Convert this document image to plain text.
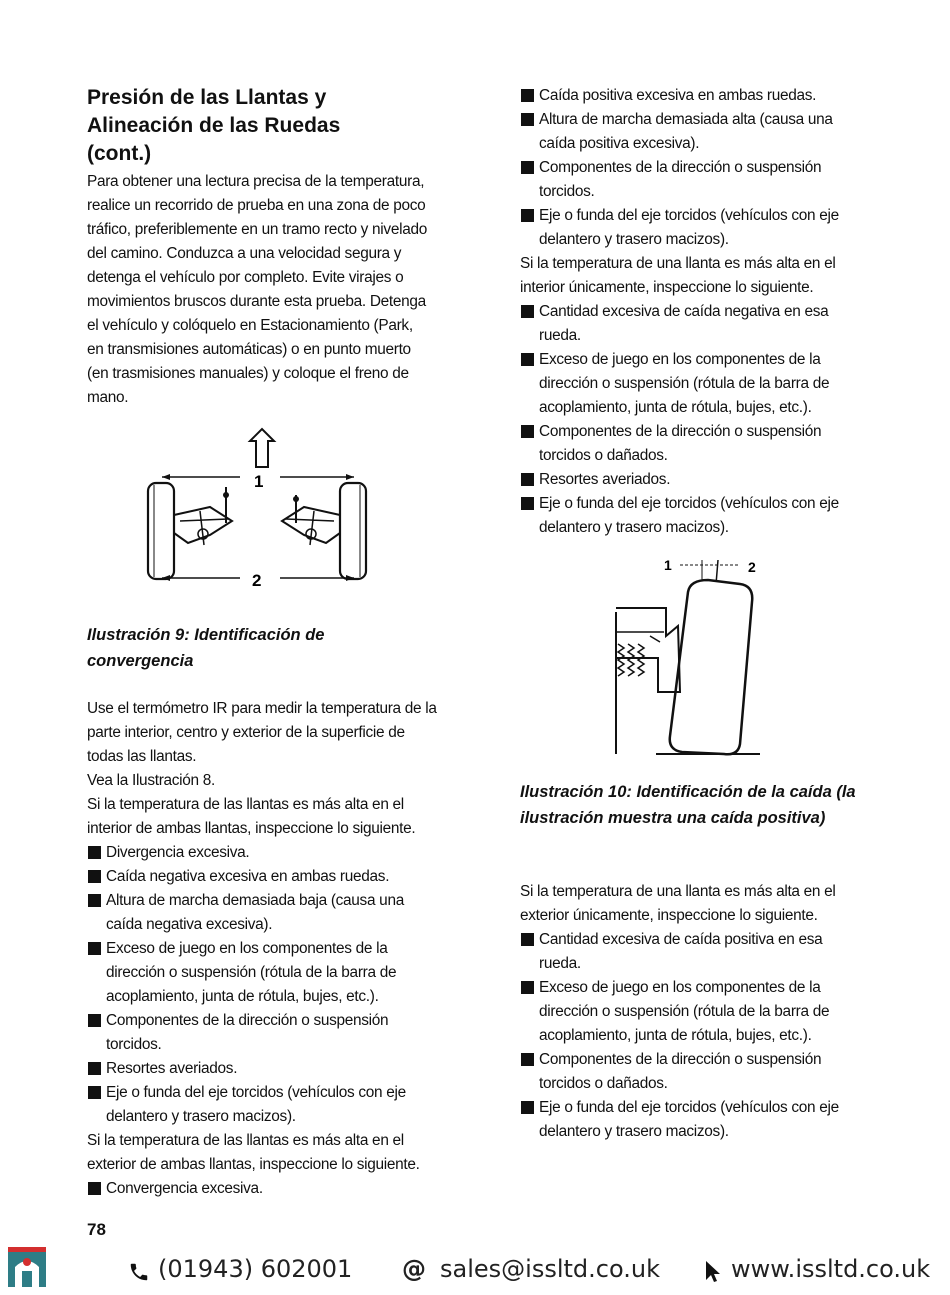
Presión de las Llantas y Alineación de las Ruedas (cont.)
Para obtener una lectura precisa de la temperatura, realice un recorrido de prueba en una zona de poco tráfico, preferiblemente en un tramo recto y nivelado del camino. Conduzca a una velocidad segura y detenga el vehículo por completo. Evite virajes o movimientos bruscos durante esta prueba. Detenga el vehículo y colóquelo en Estacionamiento (Park, en transmisiones automáticas) o en punto muerto (en trasmisiones manuales) y coloque el freno de mano.
1
2
Ilustración 9: Identificación de convergencia
Use el termómetro IR para medir la temperatura de la parte interior, centro y exterior de la superficie de todas las llantas.
Vea la Ilustración 8.
Si la temperatura de las llantas es más alta en el interior de ambas llantas, inspeccione lo siguiente.
Divergencia excesiva.
Caída negativa excesiva en ambas ruedas.
Altura de marcha demasiada baja (causa una caída negativa excesiva).
Exceso de juego en los componentes de la dirección o suspensión (rótula de la barra de acoplamiento, junta de rótula, bujes, etc.).
Componentes de la dirección o suspensión torcidos.
Resortes averiados.
Eje o funda del eje torcidos (vehículos con eje delantero y trasero macizos).
Si la temperatura de las llantas es más alta en el exterior de ambas llantas, inspeccione lo siguiente.
Convergencia excesiva.
Caída positiva excesiva en ambas ruedas.
Altura de marcha demasiada alta (causa una caída positiva excesiva).
Componentes de la dirección o suspensión torcidos.
Eje o funda del eje torcidos (vehículos con eje delantero y trasero macizos).
Si la temperatura de una llanta es más alta en el interior únicamente, inspeccione lo siguiente.
Cantidad excesiva de caída negativa en esa rueda.
Exceso de juego en los componentes de la dirección o suspensión (rótula de la barra de acoplamiento, junta de rótula, bujes, etc.).
Componentes de la dirección o suspensión torcidos o dañados.
Resortes averiados.
Eje o funda del eje torcidos (vehículos con eje delantero y trasero macizos).
1	2
Ilustración 10: Identificación de la caída (la ilustración muestra una caída positiva)
Si la temperatura de una llanta es más alta en el exterior únicamente, inspeccione lo siguiente.
Cantidad excesiva de caída positiva en esa rueda.
Exceso de juego en los componentes de la dirección o suspensión (rótula de la barra de acoplamiento, junta de rótula, bujes, etc.).
Componentes de la dirección o suspensión torcidos o dañados.
Eje o funda del eje torcidos (vehículos con eje delantero y trasero macizos).
78
(01943) 602001 @ sales@issltd.co.uk	www.issltd.co.uk
